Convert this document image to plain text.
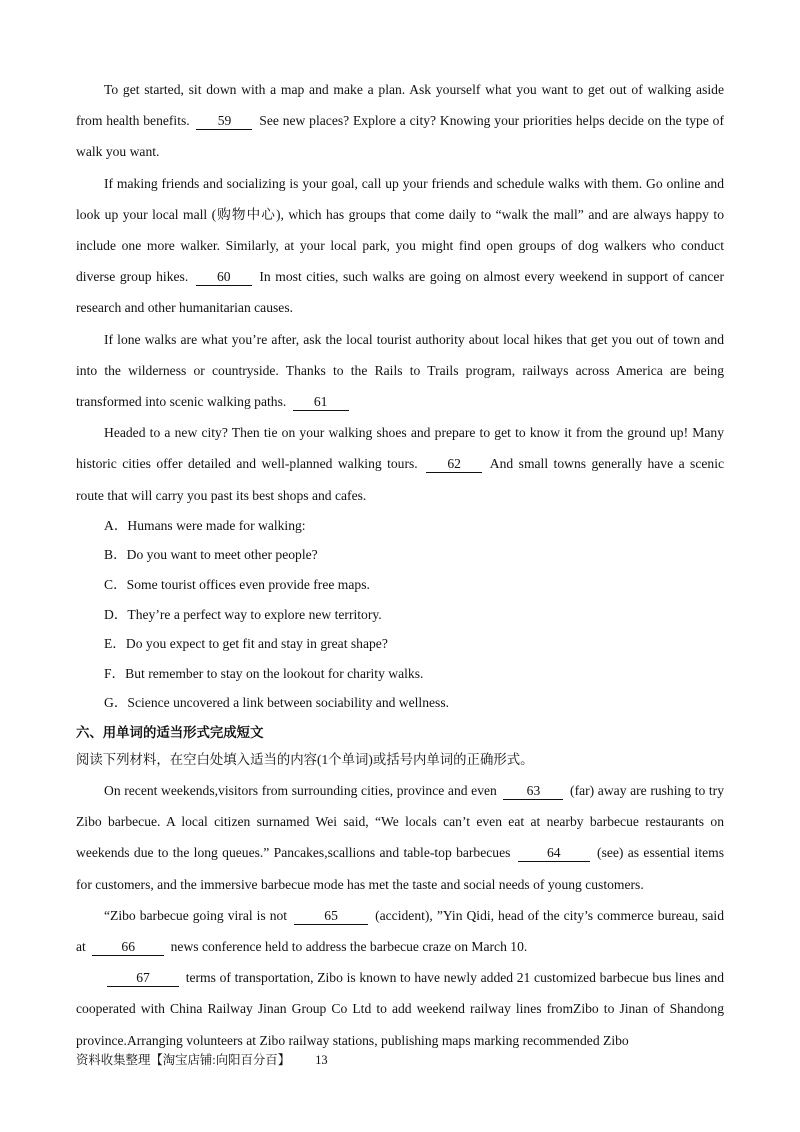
To get started, sit down with a map and make a plan. Ask yourself what you want to get out of walking aside from health benefits. 59 See new places? Explore a city? Knowing your priorities helps decide on the type of walk you want.

If making friends and socializing is your goal, call up your friends and schedule walks with them. Go online and look up your local mall (购物中心), which has groups that come daily to “walk the mall” and are always happy to include one more walker. Similarly, at your local park, you might find open groups of dog walkers who conduct diverse group hikes. 60 In most cities, such walks are going on almost every weekend in support of cancer research and other humanitarian causes.

If lone walks are what you’re after, ask the local tourist authority about local hikes that get you out of town and into the wilderness or countryside. Thanks to the Rails to Trails program, railways across America are being transformed into scenic walking paths. 61

Headed to a new city? Then tie on your walking shoes and prepare to get to know it from the ground up! Many historic cities offer detailed and well-planned walking tours. 62 And small towns generally have a scenic route that will carry you past its best shops and cafes.

A．Humans were made for walking:

B．Do you want to meet other people?

C．Some tourist offices even provide free maps.

D．They’re a perfect way to explore new territory.

E．Do you expect to get fit and stay in great shape?

F．But remember to stay on the lookout for charity walks.

G．Science uncovered a link between sociability and wellness.

六、用单词的适当形式完成短文

阅读下列材料，在空白处填入适当的内容(1个单词)或括号内单词的正确形式。

On recent weekends,visitors from surrounding cities, province and even 63 (far) away are rushing to try Zibo barbecue. A local citizen surnamed Wei said, “We locals can’t even eat at nearby barbecue restaurants on weekends due to the long queues.” Pancakes,scallions and table-top barbecues 64 (see) as essential items for customers, and the immersive barbecue mode has met the taste and social needs of young customers.

“Zibo barbecue going viral is not 65 (accident), ”Yin Qidi, head of the city’s commerce bureau, said at 66 news conference held to address the barbecue craze on March 10.

67 terms of transportation, Zibo is known to have newly added 21 customized barbecue bus lines and cooperated with China Railway Jinan Group Co Ltd to add weekend railway lines fromZibo to Jinan of Shandong province.Arranging volunteers at Zibo railway stations, publishing maps marking recommended Zibo

资料收集整理【淘宝店铺:向阳百分百】 13
